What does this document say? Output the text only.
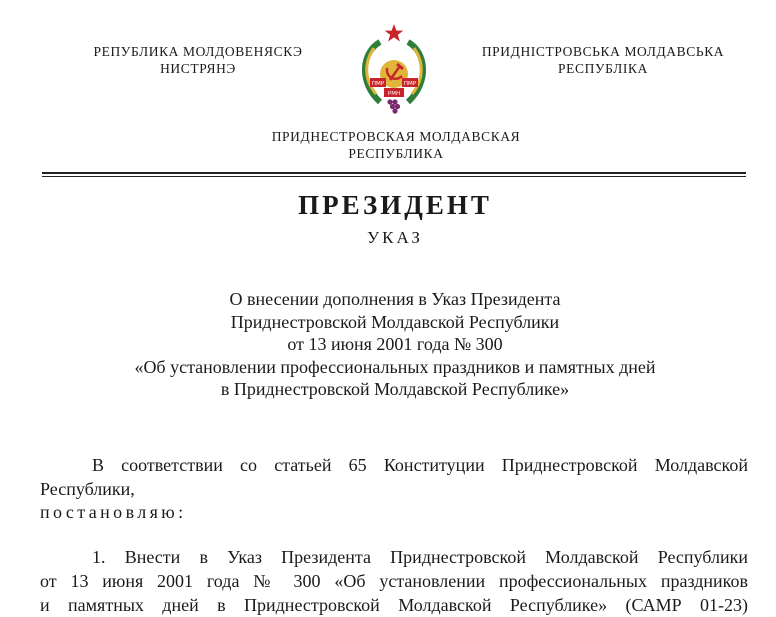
РЕПУБЛИКА МОЛДОВЕНЯСКЭ
НИСТРЯНЭ
ПМР
РМН
ПМР
ПРИДНІСТРОВСЬКА МОЛДАВСЬКА
РЕСПУБЛІКА
ПРИДНЕСТРОВСКАЯ МОЛДАВСКАЯ
РЕСПУБЛИКА
ПРЕЗИДЕНТ
УКАЗ
О внесении дополнения в Указ Президента
Приднестровской Молдавской Республики
от 13 июня 2001 года № 300
«Об установлении профессиональных праздников и памятных дней
в Приднестровской Молдавской Республике»
В соответствии со статьей 65 Конституции Приднестровской Молдавской
Республики,
постановляю:
1. Внести в Указ Президента Приднестровской Молдавской Республики
от 13 июня 2001 года № 300 «Об установлении профессиональных праздников
и памятных дней в Приднестровской Молдавской Республике» (САМР 01-23)
